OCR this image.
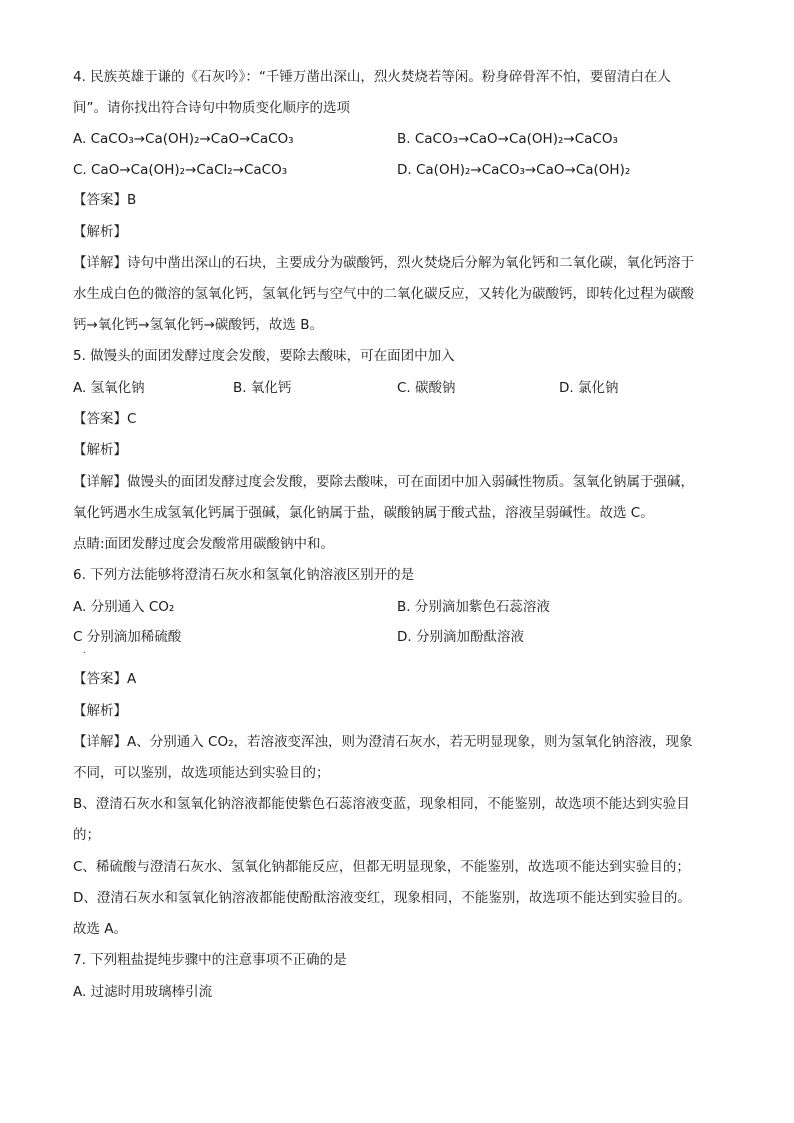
4. 民族英雄于谦的《石灰吟》：“千锤万凿出深山，烈火焚烧若等闲。粉身碎骨浑不怕，要留清白在人
间”。请你找出符合诗句中物质变化顺序的选项
A. CaCO₃→Ca(OH)₂→CaO→CaCO₃	B. CaCO₃→CaO→Ca(OH)₂→CaCO₃
C. CaO→Ca(OH)₂→CaCl₂→CaCO₃	D. Ca(OH)₂→CaCO₃→CaO→Ca(OH)₂
【答案】B
【解析】
【详解】诗句中凿出深山的石块，主要成分为碳酸钙，烈火焚烧后分解为氧化钙和二氧化碳，氧化钙溶于
水生成白色的微溶的氢氧化钙，氢氧化钙与空气中的二氧化碳反应，又转化为碳酸钙，即转化过程为碳酸
钙→氧化钙→氢氧化钙→碳酸钙，故选 B。
5. 做馒头的面团发酵过度会发酸，要除去酸味，可在面团中加入
A. 氢氧化钠	B. 氧化钙	C. 碳酸钠	D. 氯化钠
【答案】C
【解析】
【详解】做馒头的面团发酵过度会发酸，要除去酸味，可在面团中加入弱碱性物质。氢氧化钠属于强碱，
氧化钙遇水生成氢氧化钙属于强碱，氯化钠属于盐，碳酸钠属于酸式盐，溶液呈弱碱性。故选 C。
点睛:面团发酵过度会发酸常用碳酸钠中和。
6. 下列方法能够将澄清石灰水和氢氧化钠溶液区别开的是
A. 分别通入 CO₂	B. 分别滴加紫色石蕊溶液
C 分别滴加稀硫酸	D. 分别滴加酚酞溶液
·
【答案】A
【解析】
【详解】A、分别通入 CO₂，若溶液变浑浊，则为澄清石灰水，若无明显现象，则为氢氧化钠溶液，现象
不同，可以鉴别，故选项能达到实验目的；
B、澄清石灰水和氢氧化钠溶液都能使紫色石蕊溶液变蓝，现象相同，不能鉴别，故选项不能达到实验目
的；
C、稀硫酸与澄清石灰水、氢氧化钠都能反应，但都无明显现象，不能鉴别，故选项不能达到实验目的；
D、澄清石灰水和氢氧化钠溶液都能使酚酞溶液变红，现象相同，不能鉴别，故选项不能达到实验目的。
故选 A。
7. 下列粗盐提纯步骤中的注意事项不正确的是
A. 过滤时用玻璃棒引流
